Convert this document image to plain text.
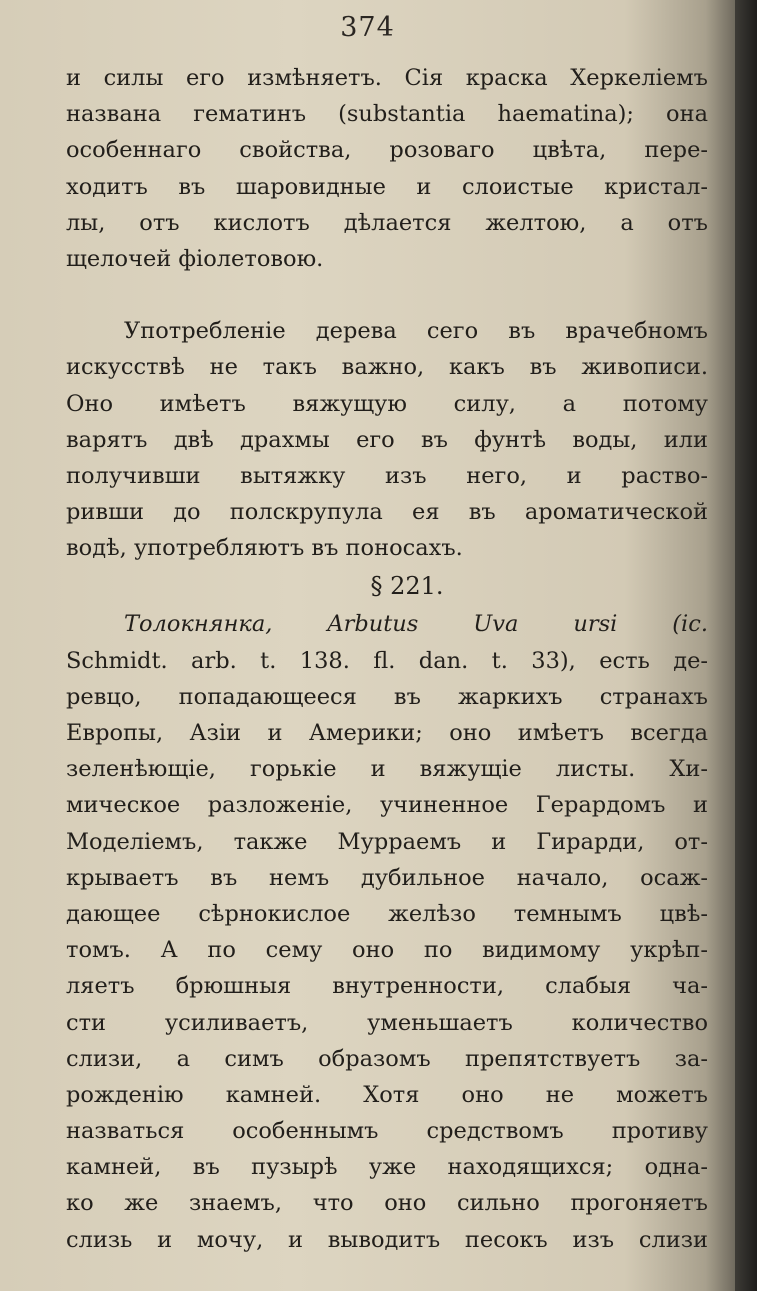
374
и силы его измѣняетъ. Сія краска Херкеліемъ
названа гематинъ (substantia haematina); она
особеннаго свойства, розоваго цвѣта, пере-
ходитъ въ шаровидные и слоистые кристал-
лы, отъ кислотъ дѣлается желтою, а отъ
щелочей фіолетовою.
Употребленіе дерева сего въ врачебномъ
искусствѣ не такъ важно, какъ въ живописи.
Оно имѣетъ вяжущую силу, а потому
варятъ двѣ драхмы его въ фунтѣ воды, или
получивши вытяжку изъ него, и раство-
ривши до полскрупула ея въ ароматической
водѣ, употребляютъ въ поносахъ.
§ 221.
Толокнянка, Arbutus Uva ursi (ic.
Schmidt. arb. t. 138. fl. dan. t. 33), есть де-
ревцо, попадающееся въ жаркихъ странахъ
Европы, Азіи и Америки; оно имѣетъ всегда
зеленѣющіе, горькіе и вяжущіе листы. Хи-
мическое разложеніе, учиненное Герардомъ и
Моделіемъ, также Мурраемъ и Гирарди, от-
крываетъ въ немъ дубильное начало, осаж-
дающее сѣрнокислое желѣзо темнымъ цвѣ-
томъ. А по сему оно по видимому укрѣп-
ляетъ брюшныя внутренности, слабыя ча-
сти усиливаетъ, уменьшаетъ количество
слизи, а симъ образомъ препятствуетъ за-
рожденію камней. Хотя оно не можетъ
назваться особеннымъ средствомъ противу
камней, въ пузырѣ уже находящихся; одна-
ко же знаемъ, что оно сильно прогоняетъ
слизь и мочу, и выводитъ песокъ изъ слизи
